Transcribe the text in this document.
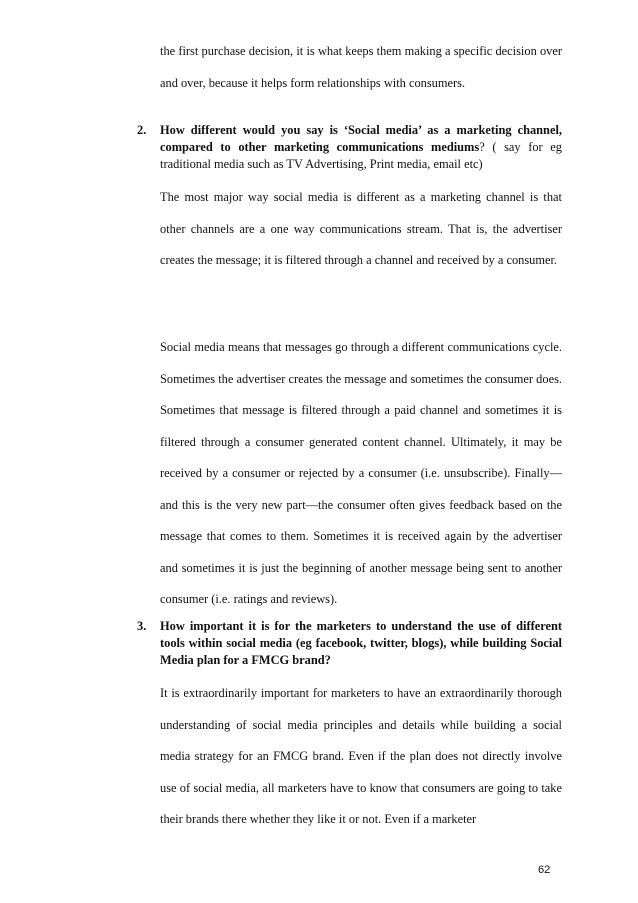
the first purchase decision, it is what keeps them making a specific decision over and over, because it helps form relationships with consumers.

2. How different would you say is ‘Social media’ as a marketing channel, compared to other marketing communications mediums? ( say for eg traditional media such as TV Advertising, Print media, email etc)

The most major way social media is different as a marketing channel is that other channels are a one way communications stream. That is, the advertiser creates the message; it is filtered through a channel and received by a consumer.

Social media means that messages go through a different communications cycle. Sometimes the advertiser creates the message and sometimes the consumer does. Sometimes that message is filtered through a paid channel and sometimes it is filtered through a consumer generated content channel. Ultimately, it may be received by a consumer or rejected by a consumer (i.e. unsubscribe). Finally—and this is the very new part—the consumer often gives feedback based on the message that comes to them. Sometimes it is received again by the advertiser and sometimes it is just the beginning of another message being sent to another consumer (i.e. ratings and reviews).

3. How important it is for the marketers to understand the use of different tools within social media (eg facebook, twitter, blogs), while building Social Media plan for a FMCG brand?

It is extraordinarily important for marketers to have an extraordinarily thorough understanding of social media principles and details while building a social media strategy for an FMCG brand. Even if the plan does not directly involve use of social media, all marketers have to know that consumers are going to take their brands there whether they like it or not. Even if a marketer

62
